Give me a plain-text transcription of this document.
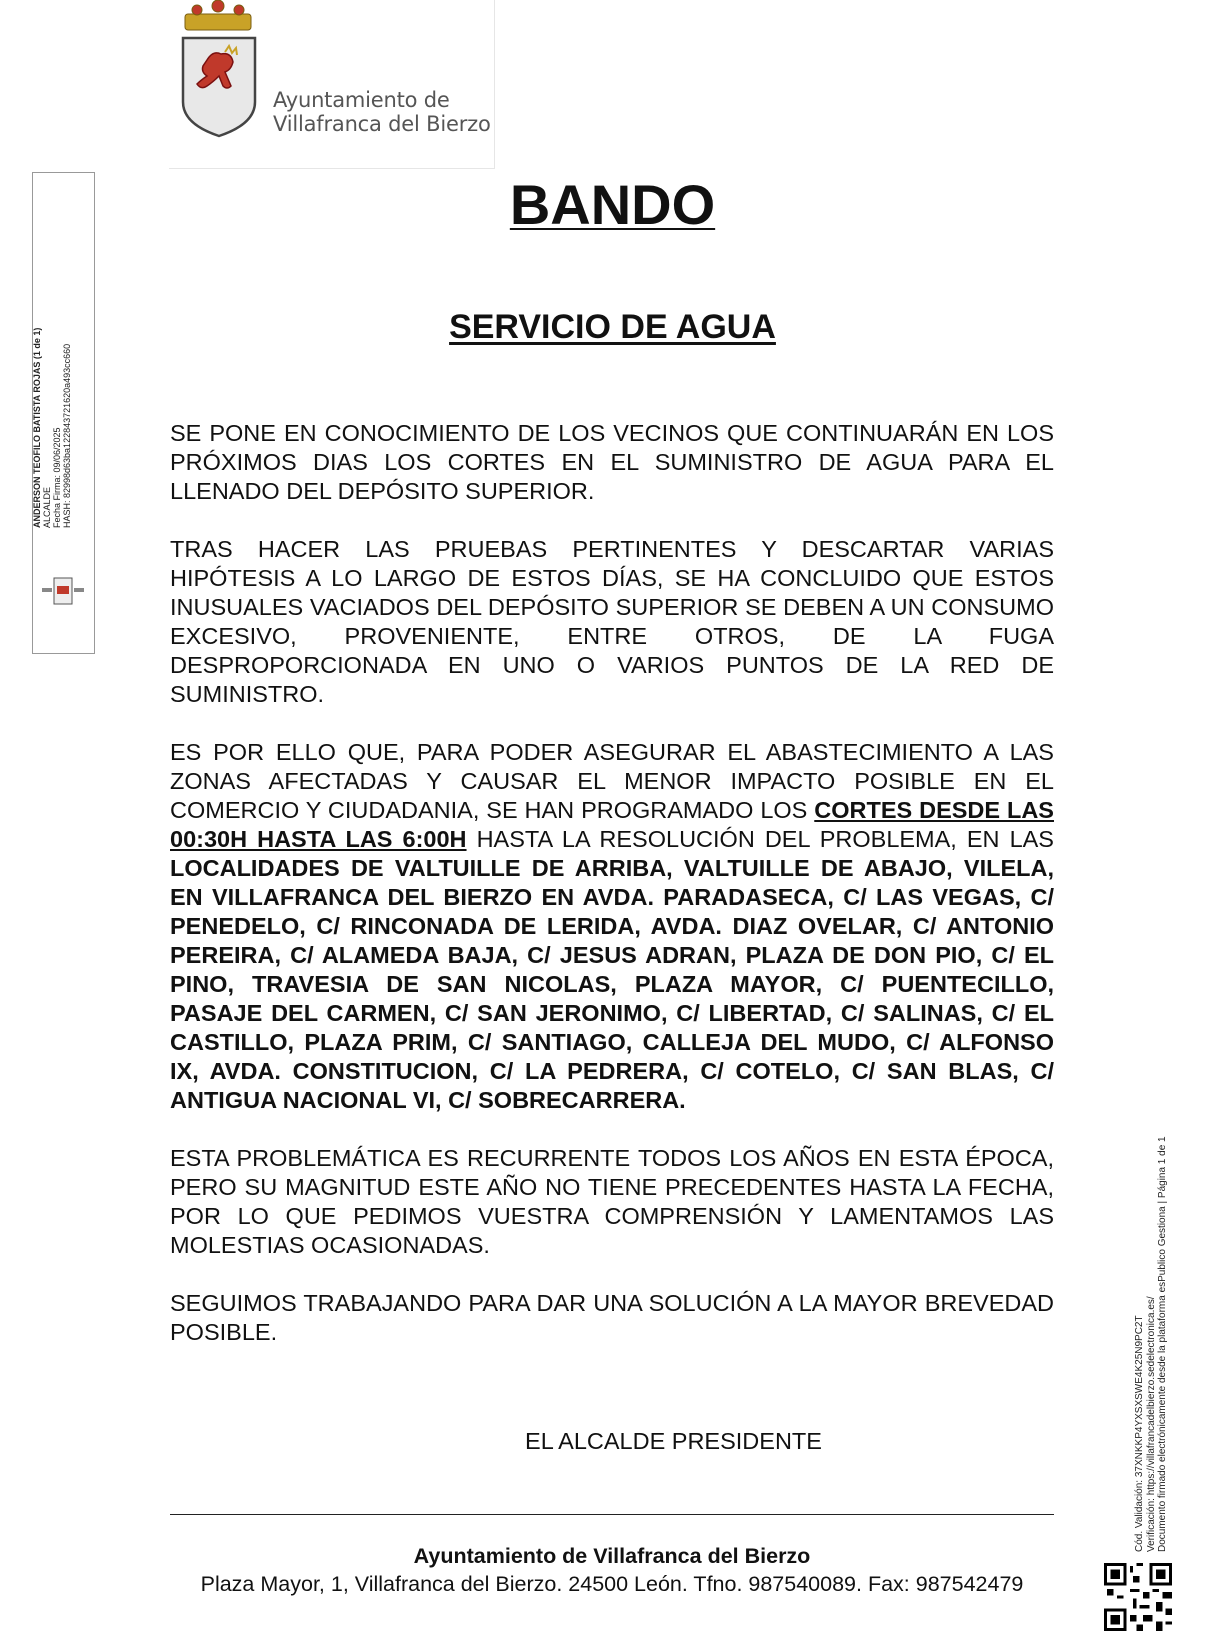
Ayuntamiento de
Villafranca del Bierzo
ANDERSON TEOFILO BATISTA ROJAS (1 de 1) ALCALDE Fecha Firma: 09/06/2025 HASH: 82998d63ba122843721620a493cc660
BANDO
SERVICIO DE AGUA

SE PONE EN CONOCIMIENTO DE LOS VECINOS QUE CONTINUARÁN EN LOS PRÓXIMOS DIAS LOS CORTES EN EL SUMINISTRO DE AGUA PARA EL LLENADO DEL DEPÓSITO SUPERIOR.

TRAS HACER LAS PRUEBAS PERTINENTES Y DESCARTAR VARIAS HIPÓTESIS A LO LARGO DE ESTOS DÍAS, SE HA CONCLUIDO QUE ESTOS INUSUALES VACIADOS DEL DEPÓSITO SUPERIOR SE DEBEN A UN CONSUMO EXCESIVO, PROVENIENTE, ENTRE OTROS, DE LA FUGA DESPROPORCIONADA EN UNO O VARIOS PUNTOS DE LA RED DE SUMINISTRO.

ES POR ELLO QUE, PARA PODER ASEGURAR EL ABASTECIMIENTO A LAS ZONAS AFECTADAS Y CAUSAR EL MENOR IMPACTO POSIBLE EN EL COMERCIO Y CIUDADANIA, SE HAN PROGRAMADO LOS CORTES DESDE LAS 00:30H HASTA LAS 6:00H HASTA LA RESOLUCIÓN DEL PROBLEMA, EN LAS LOCALIDADES DE VALTUILLE DE ARRIBA, VALTUILLE DE ABAJO, VILELA, EN VILLAFRANCA DEL BIERZO EN AVDA. PARADASECA, C/ LAS VEGAS, C/ PENEDELO, C/ RINCONADA DE LERIDA, AVDA. DIAZ OVELAR, C/ ANTONIO PEREIRA, C/ ALAMEDA BAJA, C/ JESUS ADRAN, PLAZA DE DON PIO, C/ EL PINO, TRAVESIA DE SAN NICOLAS, PLAZA MAYOR, C/ PUENTECILLO, PASAJE DEL CARMEN, C/ SAN JERONIMO, C/ LIBERTAD, C/ SALINAS, C/ EL CASTILLO, PLAZA PRIM, C/ SANTIAGO, CALLEJA DEL MUDO, C/ ALFONSO IX, AVDA. CONSTITUCION, C/ LA PEDRERA, C/ COTELO, C/ SAN BLAS, C/ ANTIGUA NACIONAL VI, C/ SOBRECARRERA.

ESTA PROBLEMÁTICA ES RECURRENTE TODOS LOS AÑOS EN ESTA ÉPOCA, PERO SU MAGNITUD ESTE AÑO NO TIENE PRECEDENTES HASTA LA FECHA, POR LO QUE PEDIMOS VUESTRA COMPRENSIÓN Y LAMENTAMOS LAS MOLESTIAS OCASIONADAS.

SEGUIMOS TRABAJANDO PARA DAR UNA SOLUCIÓN A LA MAYOR BREVEDAD POSIBLE.

EL ALCALDE PRESIDENTE
Ayuntamiento de Villafranca del Bierzo
Plaza Mayor, 1, Villafranca del Bierzo. 24500 León. Tfno. 987540089. Fax: 987542479
Cód. Validación: 37XNKKP4YXSXSWE4K25N9PC2T Verificación: https://villafrancadelbierzo.sedelectronica.es/ Documento firmado electrónicamente desde la plataforma esPublico Gestiona | Página 1 de 1
